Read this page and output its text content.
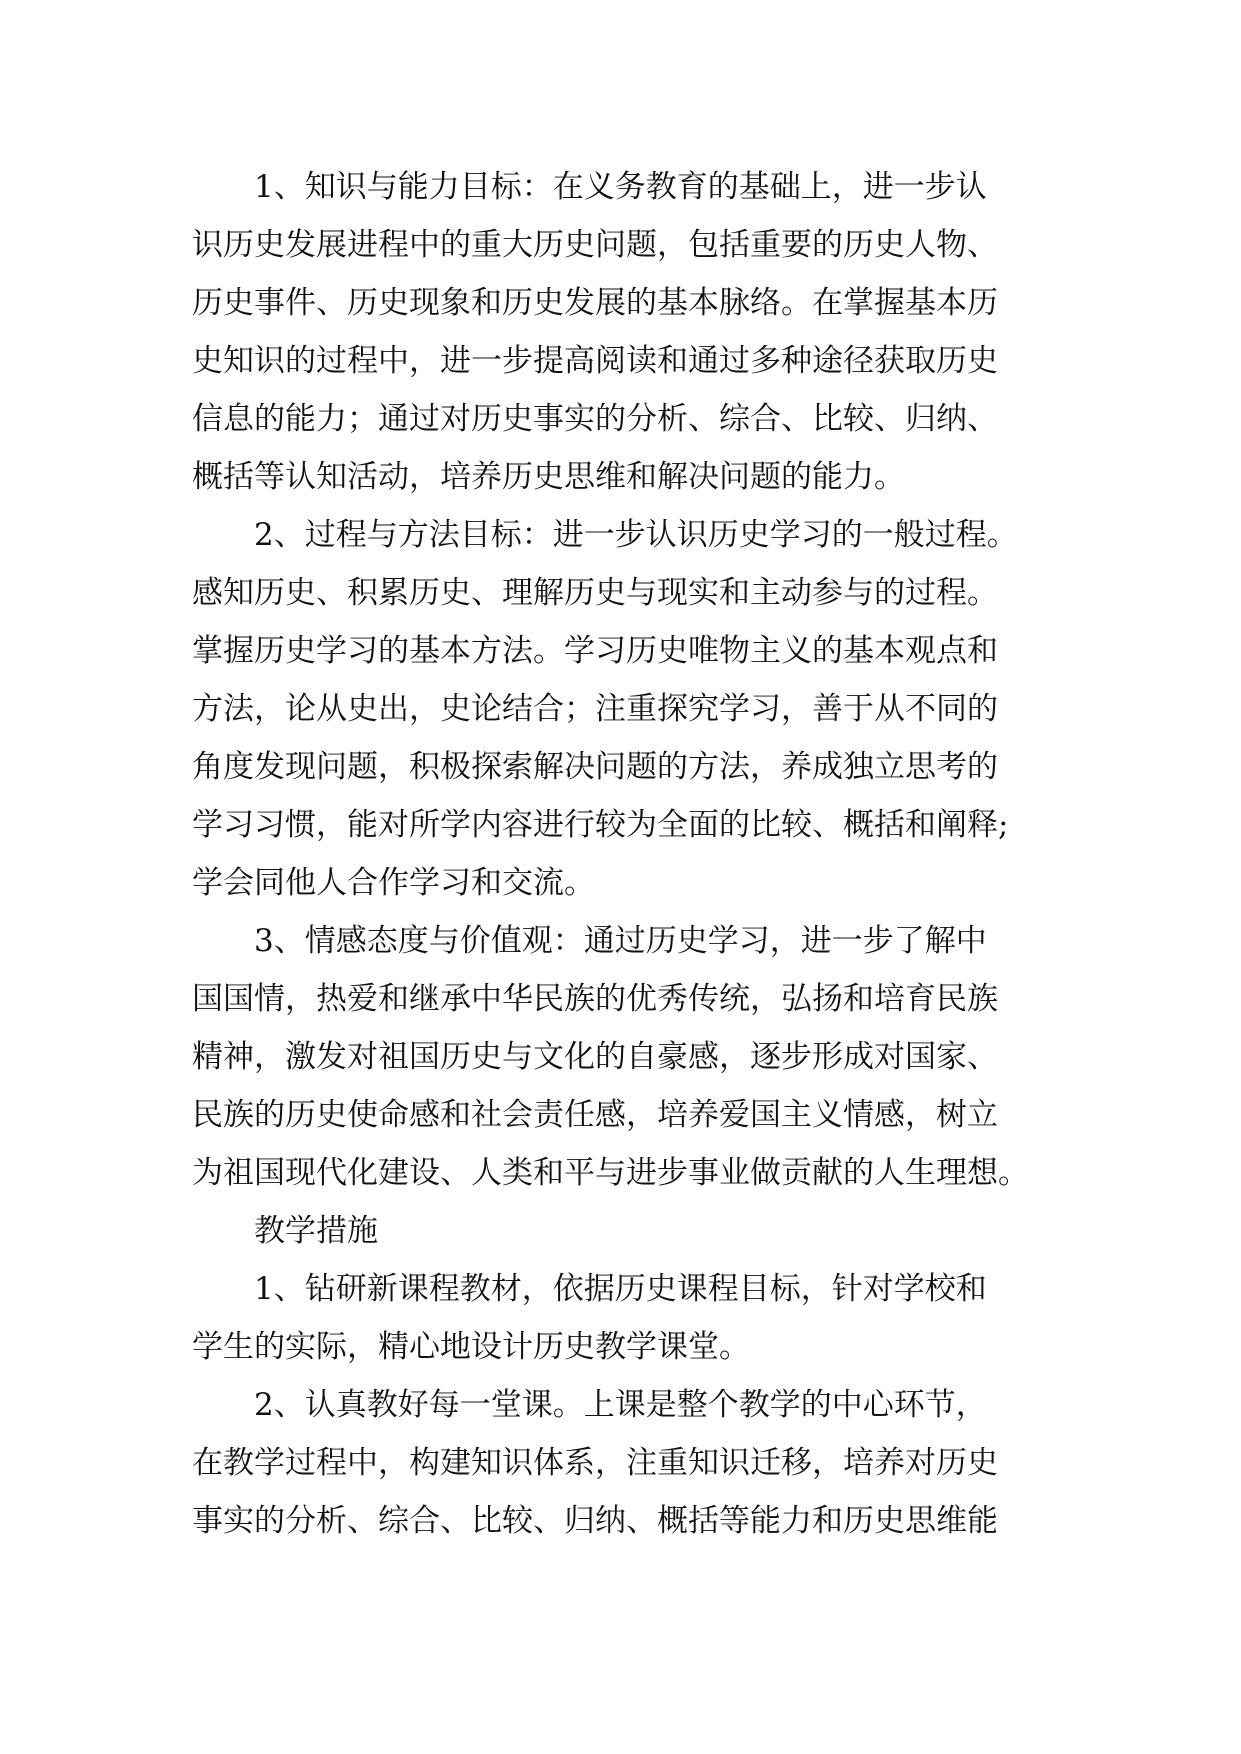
1、知识与能力目标：在义务教育的基础上，进一步认
识历史发展进程中的重大历史问题，包括重要的历史人物、
历史事件、历史现象和历史发展的基本脉络。在掌握基本历
史知识的过程中，进一步提高阅读和通过多种途径获取历史
信息的能力；通过对历史事实的分析、综合、比较、归纳、
概括等认知活动，培养历史思维和解决问题的能力。
2、过程与方法目标：进一步认识历史学习的一般过程。
感知历史、积累历史、理解历史与现实和主动参与的过程。
掌握历史学习的基本方法。学习历史唯物主义的基本观点和
方法，论从史出，史论结合；注重探究学习，善于从不同的
角度发现问题，积极探索解决问题的方法，养成独立思考的
学习习惯，能对所学内容进行较为全面的比较、概括和阐释;
学会同他人合作学习和交流。
3、情感态度与价值观：通过历史学习，进一步了解中
国国情，热爱和继承中华民族的优秀传统，弘扬和培育民族
精神，激发对祖国历史与文化的自豪感，逐步形成对国家、
民族的历史使命感和社会责任感，培养爱国主义情感，树立
为祖国现代化建设、人类和平与进步事业做贡献的人生理想。
教学措施
1、钻研新课程教材，依据历史课程目标，针对学校和
学生的实际，精心地设计历史教学课堂。
2、认真教好每一堂课。上课是整个教学的中心环节，
在教学过程中，构建知识体系，注重知识迁移，培养对历史
事实的分析、综合、比较、归纳、概括等能力和历史思维能
